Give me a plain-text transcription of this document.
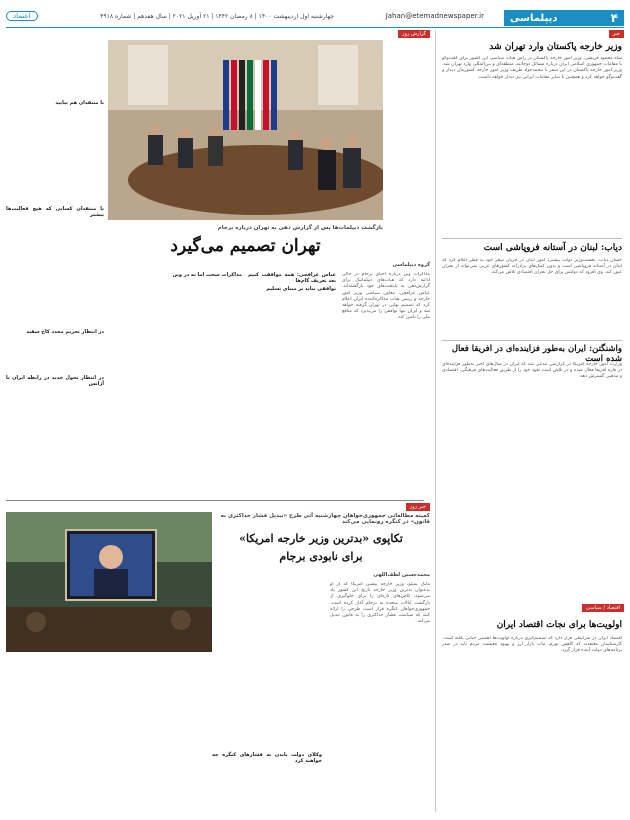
۴
دیپلماسی
Jahan@etemadnewspaper.ir
چهارشنبه اول اردیبهشت ۱۴۰۰ | ۸ رمضان ۱۴۴۲ | ۲۱ آوریل ۲۰۲۱ | سال هفدهم | شماره ۴۹۱۸
اعتماد
خبر
وزیر خارجه پاکستان وارد تهران شد

شاه محمود قریشی، وزیر امور خارجه پاکستان در راس هیات سیاسی این کشور برای گفت‌وگو با مقامات جمهوری اسلامی ایران درباره مسائل دوجانبه، منطقه‌ای و بین‌المللی وارد تهران شد. وزیر امور خارجه پاکستان در این سفر با محمدجواد ظریف وزیر امور خارجه کشورمان دیدار و گفت‌وگو خواهد کرد و همچنین با سایر مقامات ایرانی نیز دیدار خواهد داشت.

دیاب: لبنان در آستانه فروپاشی است

حسان دیاب، نخست‌وزیر دولت پیشبرد امور لبنان در جریان سفر خود به قطر اعلام کرد که لبنان در آستانه فروپاشی است و بدون کمک‌های برادرانه کشورهای عربی نمی‌تواند از بحران عبور کند. وی افزود که دولتش برای حل بحران اقتصادی تلاش می‌کند.

واشنگتن: ایران به‌طور فزاینده‌ای در افریقا فعال شده است

وزارت امور خارجه امریکا در گزارشی مدعی شد که ایران در سال‌های اخیر به‌طور فزاینده‌ای در قاره افریقا فعال شده و در تلاش است نفوذ خود را از طریق فعالیت‌های فرهنگی، اقتصادی و مذهبی گسترش دهد.

اقتصاد / سیاسی
اولویت‌ها برای نجات اقتصاد ایران

اقتصاد ایران در شرایطی قرار دارد که تصمیم‌گیری درباره اولویت‌ها اهمیتی حیاتی یافته است. کارشناسان معتقدند که کاهش تورم، ثبات بازار ارز و بهبود معیشت مردم باید در صدر برنامه‌های دولت آینده قرار گیرد.

گزارش روز
بازگشت دیپلمات‌ها پس از گزارش‌ دهی به تهران درباره برجام
تهران تصمیم می‌گیرد
گروه دیپلماسی

مذاکرات وین درباره احیای برجام در حالی ادامه دارد که هیات‌های دیپلماتیک برای گزارش‌دهی به پایتخت‌های خود بازگشته‌اند. عباس عراقچی، معاون سیاسی وزیر امور خارجه و رییس هیات مذاکره‌کننده ایران اعلام کرد که تصمیم نهایی در تهران گرفته خواهد شد و ایران تنها توافقی را می‌پذیرد که منافع ملی را تامین کند.

عباس عراقچی: همه موافقت کنیم بعد تعریف گام‌ها
توافقی نباید بر مبنای تسلیم
مذاکرات سخت اما نه در وین
با منتقدان هم بیایید
با منتقدان کسانی که هیچ فعالیت‌ها بیشتر
در انتظار تحریم مجدد کاخ سفید
در انتظار تحول جدید در رابطه ایران با آژانس
خبر روز
کمیته مطالعاتی جمهوری‌خواهان چهارشنبه آتی طرح «تبدیل فشار حداکثری به قانون» در کنگره رونمایی می‌کند
تکاپوی «بدترین وزیر خارجه امریکا»
برای نابودی برجام
محمدحسین لطف‌اللهی

مایک پمپئو، وزیر خارجه پیشین امریکا که از او به‌عنوان بدترین وزیر خارجه تاریخ این کشور یاد می‌شود، تلاش‌های تازه‌ای را برای جلوگیری از بازگشت ایالات متحده به برجام آغاز کرده است. جمهوری‌خواهان کنگره قرار است طرحی را ارائه کنند که سیاست فشار حداکثری را به قانون تبدیل می‌کند.

وکلای دولت بایدن به فشارهای کنگره چه خواهند کرد
